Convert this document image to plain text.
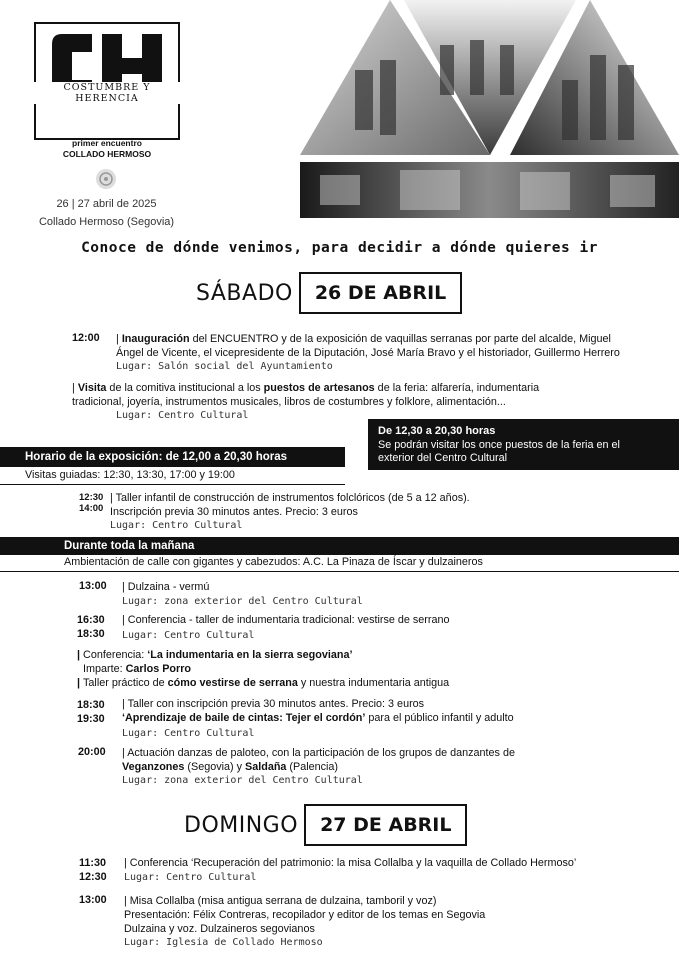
COSTUMBRE Y HERENCIA
primer encuentro
COLLADO HERMOSO
26 | 27 abril de 2025
Collado Hermoso (Segovia)
Conoce de dónde venimos, para decidir a dónde quieres ir
SÁBADO	26 DE ABRIL
12:00 | Inauguración del ENCUENTRO y de la exposición de vaquillas serranas por parte del alcalde, Miguel
Ángel de Vicente, el vicepresidente de la Diputación, José María Bravo y el historiador, Guillermo Herrero
Lugar: Salón social del Ayuntamiento
| Visita de la comitiva institucional a los puestos de artesanos de la feria: alfarería, indumentaria
tradicional, joyería, instrumentos musicales, libros de costumbres y folklore, alimentación...
Lugar: Centro Cultural
De 12,30 a 20,30 horas
Se podrán visitar los once puestos de la feria en el
exterior del Centro Cultural
Horario de la exposición: de 12,00 a 20,30 horas
Visitas guiadas: 12:30, 13:30, 17:00 y 19:00
12:30
14:00
| Taller infantil de construcción de instrumentos folclóricos (de 5 a 12 años).
Inscripción previa 30 minutos antes. Precio: 3 euros
Lugar: Centro Cultural
Durante toda la mañana
Ambientación de calle con gigantes y cabezudos: A.C. La Pinaza de Íscar y dulzaineros
13:00 | Dulzaina - vermú
Lugar: zona exterior del Centro Cultural
16:30
18:30
| Conferencia - taller de indumentaria tradicional: vestirse de serrano
Lugar: Centro Cultural
| Conferencia: ‘La indumentaria en la sierra segoviana’
Imparte: Carlos Porro
| Taller práctico de cómo vestirse de serrana y nuestra indumentaria antigua
18:30
19:30
| Taller con inscripción previa 30 minutos antes. Precio: 3 euros
‘Aprendizaje de baile de cintas: Tejer el cordón’ para el público infantil y adulto
Lugar: Centro Cultural
20:00 | Actuación danzas de paloteo, con la participación de los grupos de danzantes de
Veganzones (Segovia) y Saldaña (Palencia)
Lugar: zona exterior del Centro Cultural
DOMINGO	27 DE ABRIL
11:30
12:30
| Conferencia ‘Recuperación del patrimonio: la misa Collalba y la vaquilla de Collado Hermoso’
Lugar: Centro Cultural
13:00 | Misa Collalba (misa antigua serrana de dulzaina, tamboril y voz)
Presentación: Félix Contreras, recopilador y editor de los temas en Segovia
Dulzaina y voz. Dulzaineros segovianos
Lugar: Iglesia de Collado Hermoso
